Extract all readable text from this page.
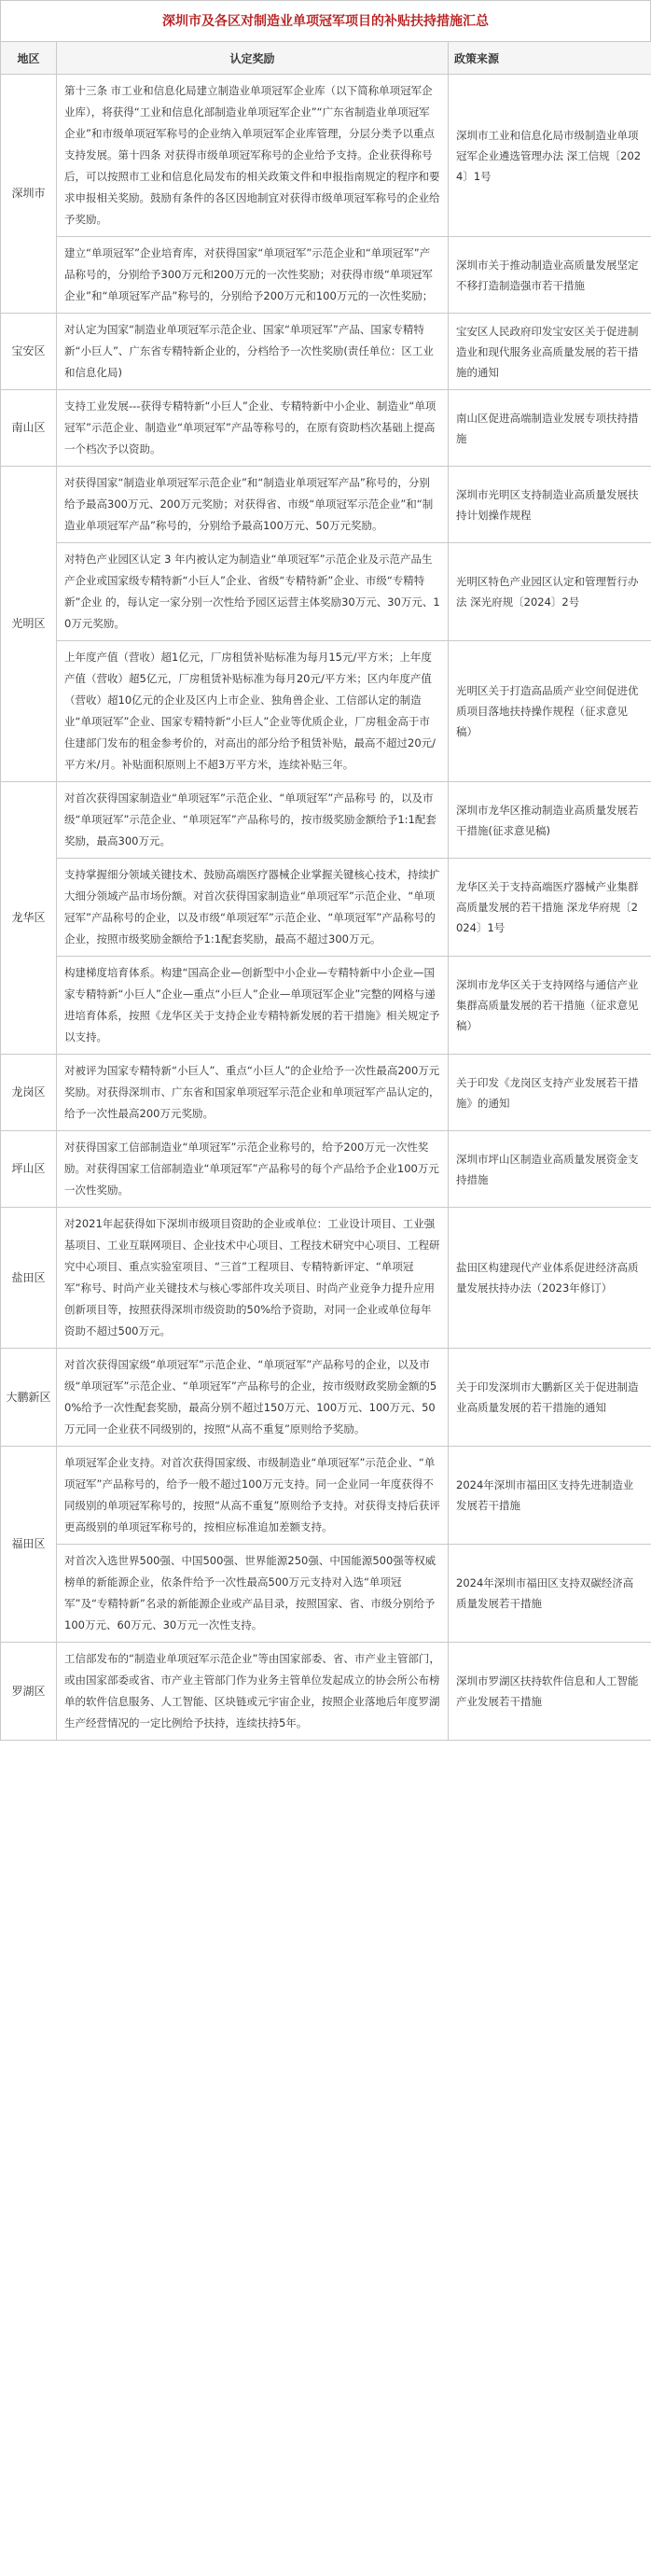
深圳市及各区对制造业单项冠军项目的补贴扶持措施汇总
地区	认定奖励	政策来源
深圳市	第十三条 市工业和信息化局建立制造业单项冠军企业库（以下简称单项冠军企业库），将获得“工业和信息化部制造业单项冠军企业”“广东省制造业单项冠军企业”和市级单项冠军称号的企业纳入单项冠军企业库管理，分层分类予以重点支持发展。第十四条 对获得市级单项冠军称号的企业给予支持。企业获得称号后，可以按照市工业和信息化局发布的相关政策文件和申报指南规定的程序和要求申报相关奖励。鼓励有条件的各区因地制宜对获得市级单项冠军称号的企业给予奖励。	深圳市工业和信息化局市级制造业单项冠军企业遴选管理办法 深工信规〔2024〕1号
	建立“单项冠军”企业培育库，对获得国家“单项冠军”示范企业和“单项冠军”产品称号的，分别给予300万元和200万元的一次性奖励；对获得市级“单项冠军企业”和“单项冠军产品”称号的，分别给予200万元和100万元的一次性奖励；	深圳市关于推动制造业高质量发展坚定不移打造制造强市若干措施
宝安区	对认定为国家“制造业单项冠军示范企业、国家“单项冠军”产品、国家专精特新“小巨人”、广东省专精特新企业的，分档给予一次性奖励(责任单位：区工业和信息化局)	宝安区人民政府印发宝安区关于促进制造业和现代服务业高质量发展的若干措施的通知
南山区	支持工业发展---获得专精特新“小巨人”企业、专精特新中小企业、制造业“单项冠军”示范企业、制造业“单项冠军”产品等称号的，在原有资助档次基础上提高一个档次予以资助。	南山区促进高端制造业发展专项扶持措施
光明区	对获得国家“制造业单项冠军示范企业”和“制造业单项冠军产品”称号的，分别给予最高300万元、200万元奖励；对获得省、市级“单项冠军示范企业”和“制造业单项冠军产品”称号的，分别给予最高100万元、50万元奖励。	深圳市光明区支持制造业高质量发展扶持计划操作规程
	对特色产业园区认定 3 年内被认定为制造业“单项冠军”示范企业及示范产品生产企业或国家级专精特新“小巨人”企业、省级“专精特新”企业、市级“专精特新”企业 的，每认定一家分别一次性给予园区运营主体奖励30万元、30万元、10万元奖励。	光明区特色产业园区认定和管理暂行办法 深光府规〔2024〕2号
	上年度产值（营收）超1亿元，厂房租赁补贴标准为每月15元/平方米；上年度产值（营收）超5亿元，厂房租赁补贴标准为每月20元/平方米；区内年度产值（营收）超10亿元的企业及区内上市企业、独角兽企业、工信部认定的制造业“单项冠军”企业、国家专精特新“小巨人”企业等优质企业，厂房租金高于市住建部门发布的租金参考价的，对高出的部分给予租赁补贴，最高不超过20元/平方米/月。补贴面积原则上不超3万平方米，连续补贴三年。	光明区关于打造高品质产业空间促进优质项目落地扶持操作规程（征求意见稿）
龙华区	对首次获得国家制造业“单项冠军”示范企业、“单项冠军”产品称号 的，以及市级“单项冠军”示范企业、“单项冠军”产品称号的，按市级奖励金额给予1:1配套奖励，最高300万元。	深圳市龙华区推动制造业高质量发展若干措施(征求意见稿)
	支持掌握细分领域关键技术、鼓励高端医疗器械企业掌握关键核心技术，持续扩大细分领域产品市场份额。对首次获得国家制造业“单项冠军”示范企业、“单项冠军”产品称号的企业，以及市级“单项冠军”示范企业、“单项冠军”产品称号的企业，按照市级奖励金额给予1:1配套奖励，最高不超过300万元。	龙华区关于支持高端医疗器械产业集群高质量发展的若干措施 深龙华府规〔2024〕1号
	构建梯度培育体系。构建“国高企业—创新型中小企业—专精特新中小企业—国家专精特新“小巨人”企业—重点“小巨人”企业—单项冠军企业”完整的网格与递进培育体系，按照《龙华区关于支持企业专精特新发展的若干措施》相关规定予以支持。	深圳市龙华区关于支持网络与通信产业集群高质量发展的若干措施（征求意见稿）
龙岗区	对被评为国家专精特新“小巨人”、重点“小巨人”的企业给予一次性最高200万元奖励。对获得深圳市、广东省和国家单项冠军示范企业和单项冠军产品认定的，给予一次性最高200万元奖励。	关于印发《龙岗区支持产业发展若干措施》的通知
坪山区	对获得国家工信部制造业“单项冠军”示范企业称号的，给予200万元一次性奖励。对获得国家工信部制造业“单项冠军”产品称号的每个产品给予企业100万元一次性奖励。	深圳市坪山区制造业高质量发展资金支持措施
盐田区	对2021年起获得如下深圳市级项目资助的企业或单位：工业设计项目、工业强基项目、工业互联网项目、企业技术中心项目、工程技术研究中心项目、工程研究中心项目、重点实验室项目、“三首”工程项目、专精特新评定、“单项冠军”称号、时尚产业关键技术与核心零部件攻关项目、时尚产业竞争力提升应用创新项目等，按照获得深圳市级资助的50%给予资助，对同一企业或单位每年资助不超过500万元。	盐田区构建现代产业体系促进经济高质量发展扶持办法（2023年修订）
大鹏新区	对首次获得国家级“单项冠军”示范企业、“单项冠军”产品称号的企业，以及市级“单项冠军”示范企业、“单项冠军”产品称号的企业，按市级财政奖励金额的50%给予一次性配套奖励，最高分别不超过150万元、100万元、100万元、50万元同一企业获不同级别的，按照“从高不重复”原则给予奖励。	关于印发深圳市大鹏新区关于促进制造业高质量发展的若干措施的通知
福田区	单项冠军企业支持。对首次获得国家级、市级制造业“单项冠军”示范企业、“单项冠军”产品称号的，给予一般不超过100万元支持。同一企业同一年度获得不同级别的单项冠军称号的，按照“从高不重复”原则给予支持。对获得支持后获评更高级别的单项冠军称号的，按相应标准追加差额支持。	2024年深圳市福田区支持先进制造业发展若干措施
	对首次入选世界500强、中国500强、世界能源250强、中国能源500强等权威榜单的新能源企业，依条件给予一次性最高500万元支持对入选“单项冠军”及“专精特新”名录的新能源企业或产品目录，按照国家、省、市级分别给予100万元、60万元、30万元一次性支持。	2024年深圳市福田区支持双碳经济高质量发展若干措施
罗湖区	工信部发布的“制造业单项冠军示范企业”等由国家部委、省、市产业主管部门，或由国家部委或省、市产业主管部门作为业务主管单位发起成立的协会所公布榜单的软件信息服务、人工智能、区块链或元宇宙企业，按照企业落地后年度罗湖生产经营情况的一定比例给予扶持，连续扶持5年。	深圳市罗湖区扶持软件信息和人工智能产业发展若干措施
